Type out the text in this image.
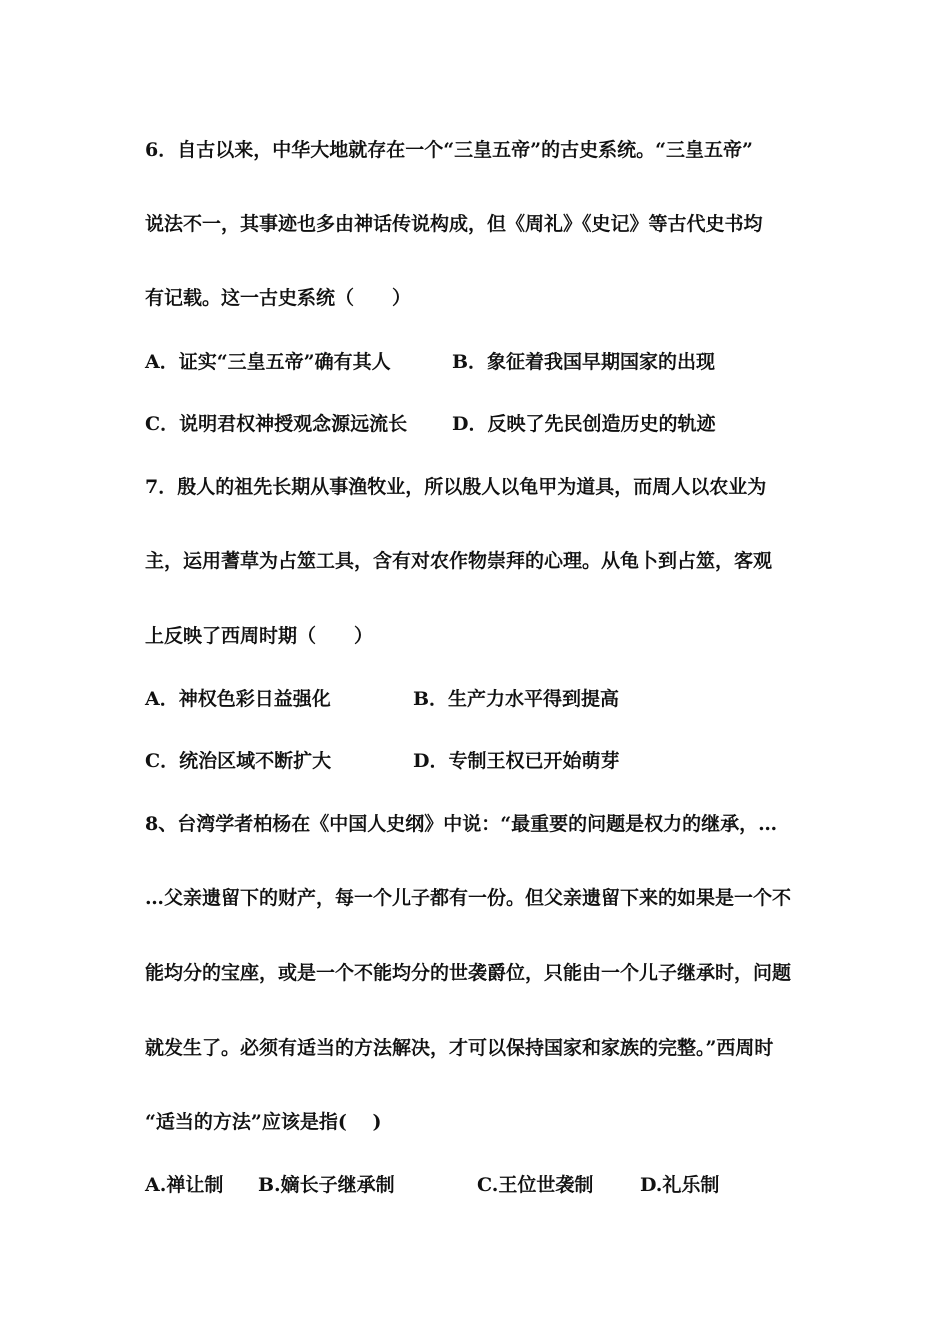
6．自古以来，中华大地就存在一个“三皇五帝”的古史系统。“三皇五帝”
说法不一，其事迹也多由神话传说构成，但《周礼》《史记》等古代史书均
有记载。这一古史系统（　　）
A．证实“三皇五帝”确有其人	B．象征着我国早期国家的出现
C．说明君权神授观念源远流长 D．反映了先民创造历史的轨迹
7．殷人的祖先长期从事渔牧业，所以殷人以龟甲为道具，而周人以农业为
主，运用蓍草为占筮工具，含有对农作物崇拜的心理。从龟卜到占筮，客观
上反映了西周时期（　　）
A．神权色彩日益强化	B．生产力水平得到提高
C．统治区域不断扩大	D．专制王权已开始萌芽
8、台湾学者柏杨在《中国人史纲》中说：“最重要的问题是权力的继承，…
…父亲遗留下的财产，每一个儿子都有一份。但父亲遗留下来的如果是一个不
能均分的宝座，或是一个不能均分的世袭爵位，只能由一个儿子继承时，问题
就发生了。必须有适当的方法解决，才可以保持国家和家族的完整。”西周时
“适当的方法”应该是指(　 )
A.禅让制 B.嫡长子继承制	C.王位世袭制 D.礼乐制
